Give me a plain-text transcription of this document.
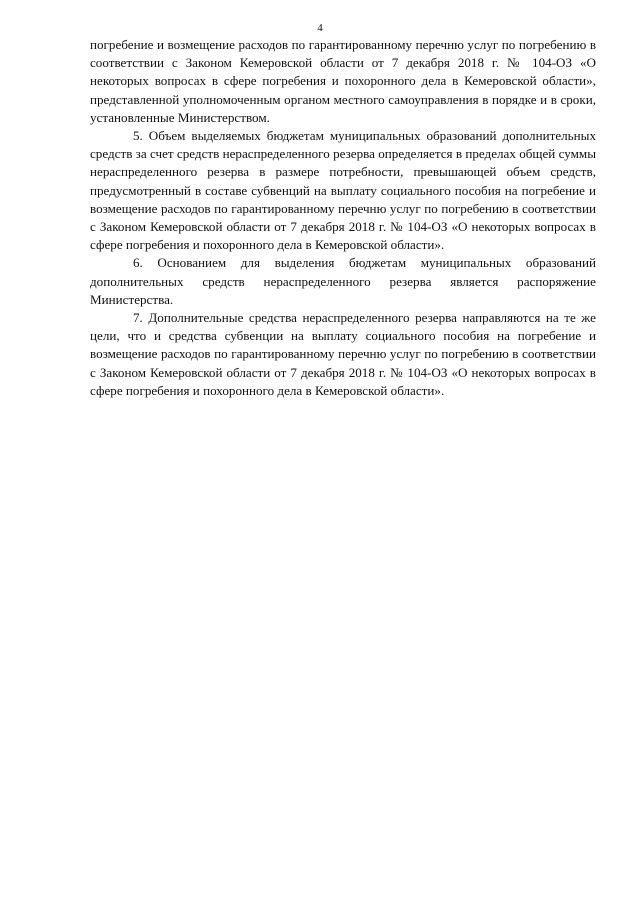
4

погребение и возмещение расходов по гарантированному перечню услуг по погребению в соответствии с Законом Кемеровской области от 7 декабря 2018 г. № 104-ОЗ «О некоторых вопросах в сфере погребения и похоронного дела в Кемеровской области», представленной уполномоченным органом местного самоуправления в порядке и в сроки, установленные Министерством.

5. Объем выделяемых бюджетам муниципальных образований дополнительных средств за счет средств нераспределенного резерва определяется в пределах общей суммы нераспределенного резерва в размере потребности, превышающей объем средств, предусмотренный в составе субвенций на выплату социального пособия на погребение и возмещение расходов по гарантированному перечню услуг по погребению в соответствии с Законом Кемеровской области от 7 декабря 2018 г. № 104-ОЗ «О некоторых вопросах в сфере погребения и похоронного дела в Кемеровской области».

6. Основанием для выделения бюджетам муниципальных образований дополнительных средств нераспределенного резерва является распоряжение Министерства.

7. Дополнительные средства нераспределенного резерва направляются на те же цели, что и средства субвенции на выплату социального пособия на погребение и возмещение расходов по гарантированному перечню услуг по погребению в соответствии с Законом Кемеровской области от 7 декабря 2018 г. № 104-ОЗ «О некоторых вопросах в сфере погребения и похоронного дела в Кемеровской области».
